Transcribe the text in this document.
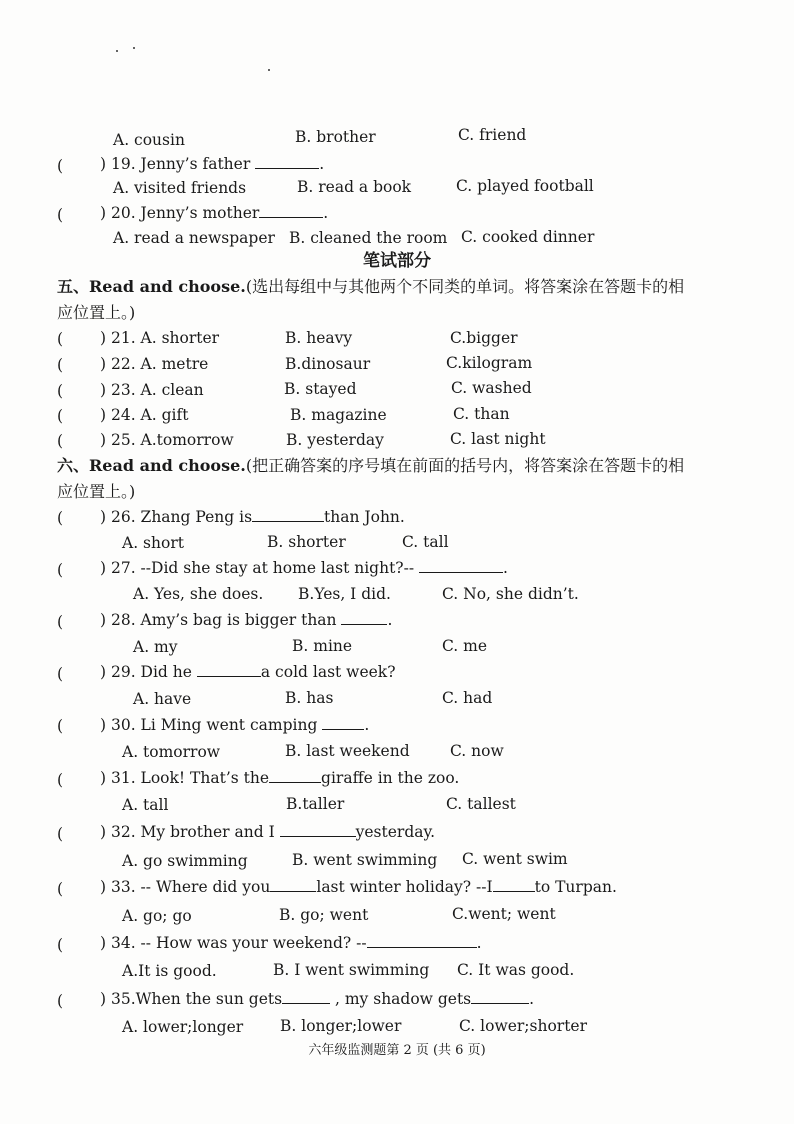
A. cousin	B. brother	C. friend
( ) 19. Jenny’s father	.
A. visited friends	B. read a book	C. played football
( ) 20. Jenny’s mother	.
A. read a newspaper B. cleaned the room C. cooked dinner
笔试部分
五、Read and choose.(选出每组中与其他两个不同类的单词。将答案涂在答题卡的相
应位置上。)
( ) 21. A. shorter	B. heavy	C.bigger
( ) 22. A. metre	B.dinosaur	C.kilogram
( ) 23. A. clean	B. stayed	C. washed
( ) 24. A. gift	B. magazine	C. than
( ) 25. A.tomorrow	B. yesterday	C. last night
六、Read and choose.(把正确答案的序号填在前面的括号内，将答案涂在答题卡的相
应位置上。)
( ) 26. Zhang Peng is	than John.
A. short	B. shorter	C. tall
( ) 27. --Did she stay at home last night?--	.
A. Yes, she does. B.Yes, I did.	C. No, she didn’t.
( ) 28. Amy’s bag is bigger than	.
A. my	B. mine	C. me
( ) 29. Did he	a cold last week?
A. have	B. has	C. had
( ) 30. Li Ming went camping	.
A. tomorrow	B. last weekend	C. now
( ) 31. Look! That’s the	giraffe in the zoo.
A. tall	B.taller	C. tallest
( ) 32. My brother and I	yesterday.
A. go swimming	B. went swimming C. went swim
( ) 33. -- Where did you	last winter holiday? --I	to Turpan.
A. go; go	B. go; went	C.went; went
( ) 34. -- How was your weekend? --	.
A.It is good.	B. I went swimming C. It was good.
( ) 35.When the sun gets	, my shadow gets	.
A. lower;longer B. longer;lower	C. lower;shorter
六年级监测题第 2 页 (共 6 页)
